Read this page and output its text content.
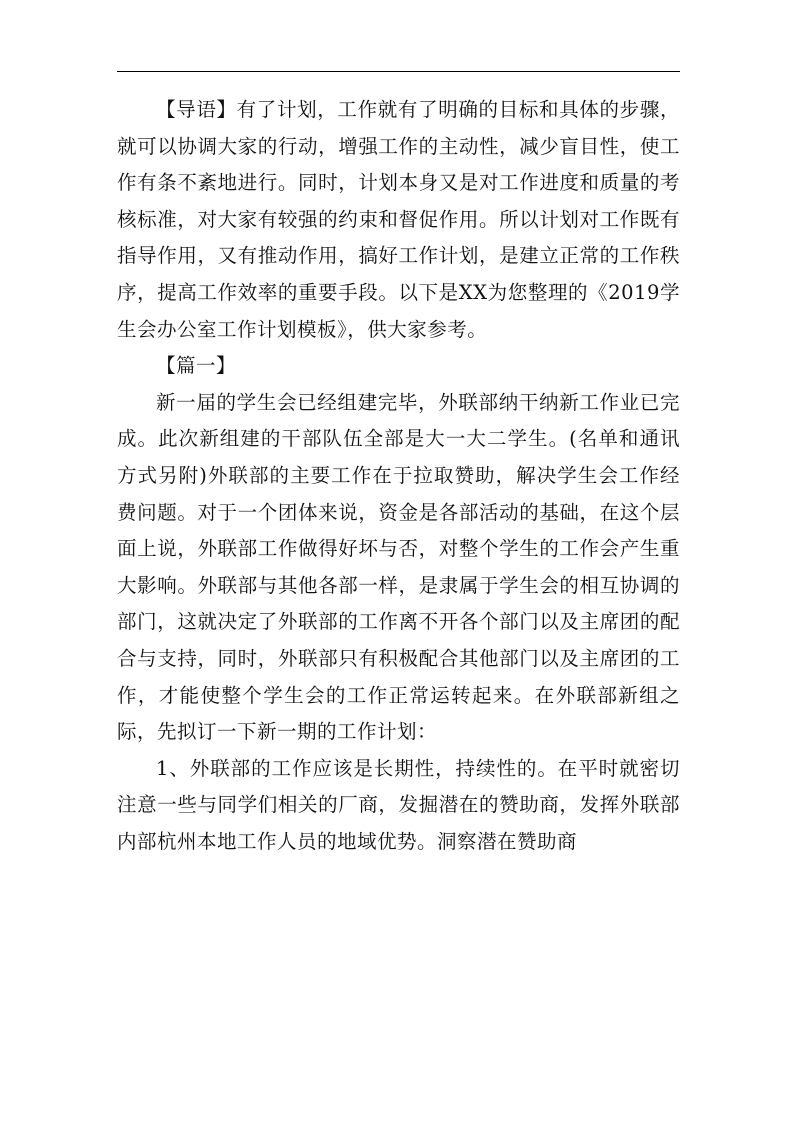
【导语】有了计划，工作就有了明确的目标和具体的步骤，就可以协调大家的行动，增强工作的主动性，减少盲目性，使工作有条不紊地进行。同时，计划本身又是对工作进度和质量的考核标准，对大家有较强的约束和督促作用。所以计划对工作既有指导作用，又有推动作用，搞好工作计划，是建立正常的工作秩序，提高工作效率的重要手段。以下是XX为您整理的《2019学生会办公室工作计划模板》，供大家参考。

【篇一】

新一届的学生会已经组建完毕，外联部纳干纳新工作业已完成。此次新组建的干部队伍全部是大一大二学生。(名单和通讯方式另附)外联部的主要工作在于拉取赞助，解决学生会工作经费问题。对于一个团体来说，资金是各部活动的基础，在这个层面上说，外联部工作做得好坏与否，对整个学生的工作会产生重大影响。外联部与其他各部一样，是隶属于学生会的相互协调的部门，这就决定了外联部的工作离不开各个部门以及主席团的配合与支持，同时，外联部只有积极配合其他部门以及主席团的工作，才能使整个学生会的工作正常运转起来。在外联部新组之际，先拟订一下新一期的工作计划：

1、外联部的工作应该是长期性，持续性的。在平时就密切注意一些与同学们相关的厂商，发掘潜在的赞助商，发挥外联部内部杭州本地工作人员的地域优势。洞察潜在赞助商
